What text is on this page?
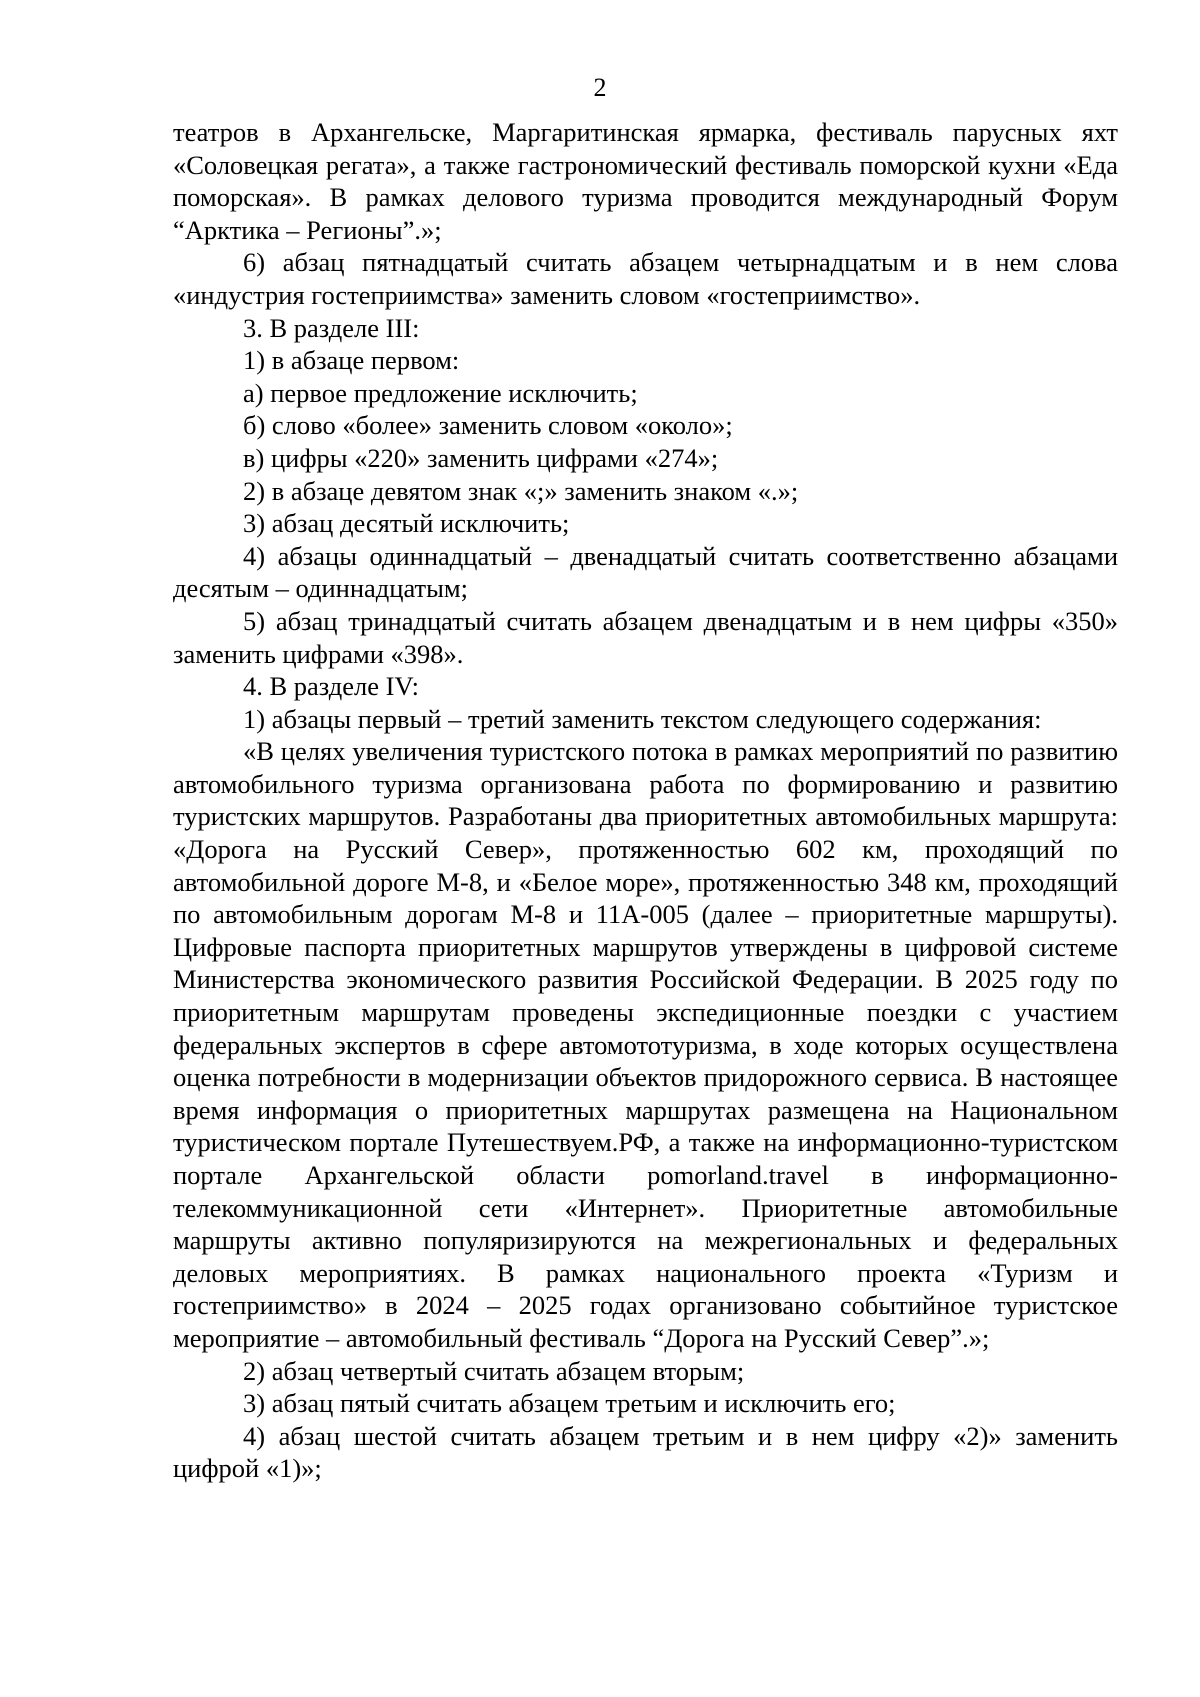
2

театров в Архангельске, Маргаритинская ярмарка, фестиваль парусных яхт «Соловецкая регата», а также гастрономический фестиваль поморской кухни «Еда поморская». В рамках делового туризма проводится международный Форум “Арктика – Регионы”.»;

6) абзац пятнадцатый считать абзацем четырнадцатым и в нем слова «индустрия гостеприимства» заменить словом «гостеприимство».

3. В разделе III:

1) в абзаце первом:

а) первое предложение исключить;

б) слово «более» заменить словом «около»;

в) цифры «220» заменить цифрами «274»;

2) в абзаце девятом знак «;» заменить знаком «.»;

3) абзац десятый исключить;

4) абзацы одиннадцатый – двенадцатый считать соответственно абзацами десятым – одиннадцатым;

5) абзац тринадцатый считать абзацем двенадцатым и в нем цифры «350» заменить цифрами «398».

4. В разделе IV:

1) абзацы первый – третий заменить текстом следующего содержания:

«В целях увеличения туристского потока в рамках мероприятий по развитию автомобильного туризма организована работа по формированию и развитию туристских маршрутов. Разработаны два приоритетных автомобильных маршрута: «Дорога на Русский Север», протяженностью 602 км, проходящий по автомобильной дороге М-8, и «Белое море», протяженностью 348 км, проходящий по автомобильным дорогам М-8 и 11А-005 (далее – приоритетные маршруты). Цифровые паспорта приоритетных маршрутов утверждены в цифровой системе Министерства экономического развития Российской Федерации. В 2025 году по приоритетным маршрутам проведены экспедиционные поездки с участием федеральных экспертов в сфере автомототуризма, в ходе которых осуществлена оценка потребности в модернизации объектов придорожного сервиса. В настоящее время информация о приоритетных маршрутах размещена на Национальном туристическом портале Путешествуем.РФ, а также на информационно-туристском портале Архангельской области pomorland.travel в информационно-телекоммуникационной сети «Интернет». Приоритетные автомобильные маршруты активно популяризируются на межрегиональных и федеральных деловых мероприятиях. В рамках национального проекта «Туризм и гостеприимство» в 2024 – 2025 годах организовано событийное туристское мероприятие – автомобильный фестиваль “Дорога на Русский Север”.»;

2) абзац четвертый считать абзацем вторым;

3) абзац пятый считать абзацем третьим и исключить его;

4) абзац шестой считать абзацем третьим и в нем цифру «2)» заменить цифрой «1)»;
